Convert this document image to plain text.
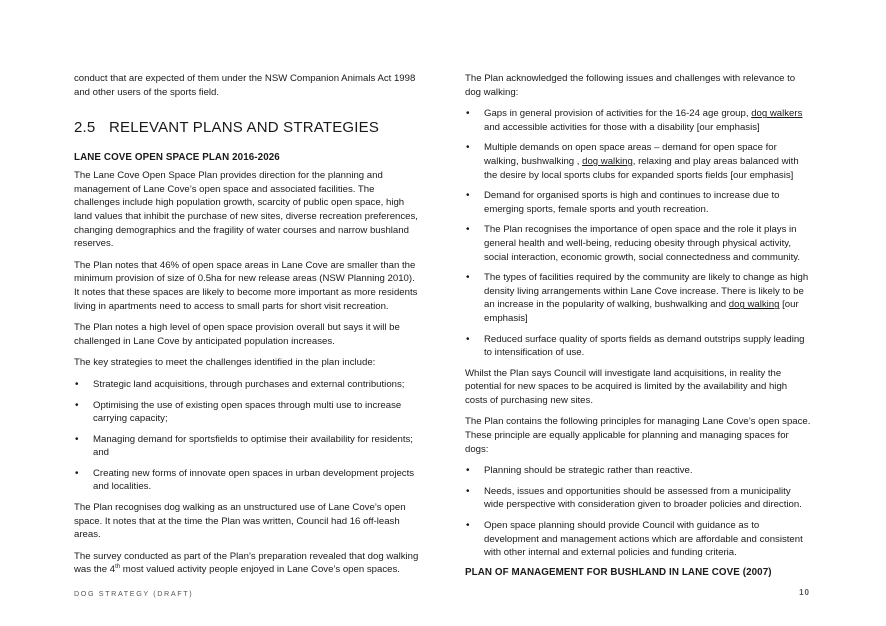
conduct that are expected of them under the NSW Companion Animals Act 1998 and other users of the sports field.

2.5 RELEVANT PLANS AND STRATEGIES
LANE COVE OPEN SPACE PLAN 2016-2026

The Lane Cove Open Space Plan provides direction for the planning and management of Lane Cove’s open space and associated facilities. The challenges include high population growth, scarcity of public open space, high land values that inhibit the purchase of new sites, diverse recreation preferences, changing demographics and the fragility of water courses and narrow bushland reserves.

The Plan notes that 46% of open space areas in Lane Cove are smaller than the minimum provision of size of 0.5ha for new release areas (NSW Planning 2010). It notes that these spaces are likely to become more important as more residents living in apartments need to access to small parts for short visit recreation.

The Plan notes a high level of open space provision overall but says it will be challenged in Lane Cove by anticipated population increases.

The key strategies to meet the challenges identified in the plan include:

• Strategic land acquisitions, through purchases and external contributions;
• Optimising the use of existing open spaces through multi use to increase carrying capacity;
• Managing demand for sportsfields to optimise their availability for residents; and
• Creating new forms of innovate open spaces in urban development projects and localities.

The Plan recognises dog walking as an unstructured use of Lane Cove’s open space. It notes that at the time the Plan was written, Council had 16 off-leash areas.

The survey conducted as part of the Plan’s preparation revealed that dog walking was the 4th most valued activity people enjoyed in Lane Cove’s open spaces.

The Plan acknowledged the following issues and challenges with relevance to dog walking:

• Gaps in general provision of activities for the 16-24 age group, dog walkers and accessible activities for those with a disability [our emphasis]
• Multiple demands on open space areas – demand for open space for walking, bushwalking , dog walking, relaxing and play areas balanced with the desire by local sports clubs for expanded sports fields [our emphasis]
• Demand for organised sports is high and continues to increase due to emerging sports, female sports and youth recreation.
• The Plan recognises the importance of open space and the role it plays in general health and well-being, reducing obesity through physical activity, social interaction, economic growth, social connectedness and community.
• The types of facilities required by the community are likely to change as high density living arrangements within Lane Cove increase. There is likely to be an increase in the popularity of walking, bushwalking and dog walking [our emphasis]
• Reduced surface quality of sports fields as demand outstrips supply leading to intensification of use.

Whilst the Plan says Council will investigate land acquisitions, in reality the potential for new spaces to be acquired is limited by the availability and high costs of purchasing new sites.

The Plan contains the following principles for managing Lane Cove’s open space. These principle are equally applicable for planning and managing spaces for dogs:

• Planning should be strategic rather than reactive.
• Needs, issues and opportunities should be assessed from a municipality wide perspective with consideration given to broader policies and direction.
• Open space planning should provide Council with guidance as to development and management actions which are affordable and consistent with other internal and external policies and funding criteria.
PLAN OF MANAGEMENT FOR BUSHLAND IN LANE COVE (2007)
DOG STRATEGY (DRAFT)	10
